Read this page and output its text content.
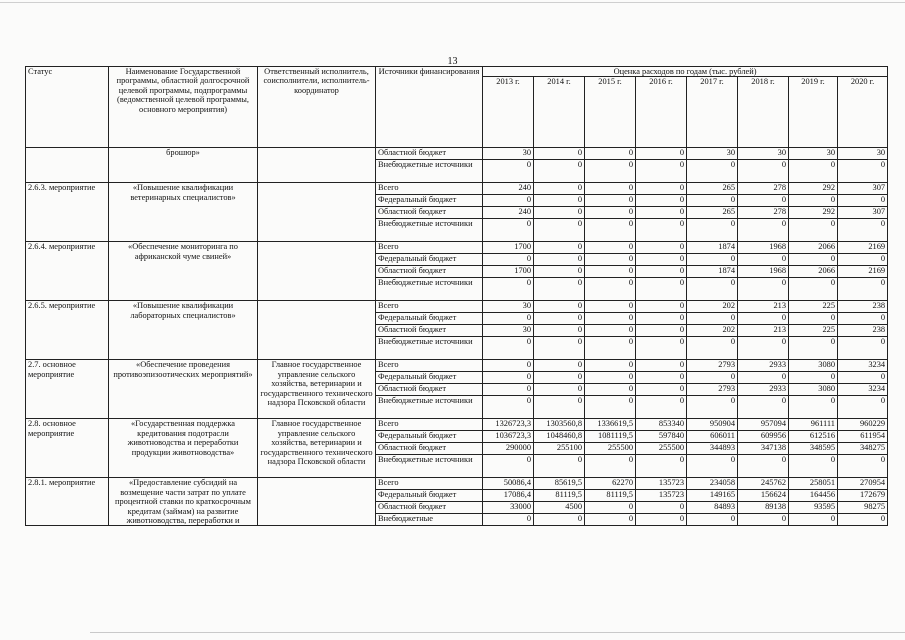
13
Статус	Наименование Государственной программы, областной долгосрочной целевой программы, подпрограммы (ведомственной целевой программы, основного мероприятия)	Ответственный исполнитель, соисполнители, исполнитель-координатор	Источники финансирования	Оценка расходов по годам (тыс. рублей)							
				2013 г.	2014 г.	2015 г.	2016 г.	2017 г.	2018 г.	2019 г.	2020 г.
	брошюр»		Областной бюджет	30	0	0	0	30	30	30	30
			Внебюджетные источники	0	0	0	0	0	0	0	0
2.6.3. мероприятие	«Повышение квалификации ветеринарных специалистов»		Всего	240	0	0	0	265	278	292	307
			Федеральный бюджет	0	0	0	0	0	0	0	0
			Областной бюджет	240	0	0	0	265	278	292	307
			Внебюджетные источники	0	0	0	0	0	0	0	0
2.6.4. мероприятие	«Обеспечение мониторинга по африканской чуме свиней»		Всего	1700	0	0	0	1874	1968	2066	2169
			Федеральный бюджет	0	0	0	0	0	0	0	0
			Областной бюджет	1700	0	0	0	1874	1968	2066	2169
			Внебюджетные источники	0	0	0	0	0	0	0	0
2.6.5. мероприятие	«Повышение квалификации лабораторных специалистов»		Всего	30	0	0	0	202	213	225	238
			Федеральный бюджет	0	0	0	0	0	0	0	0
			Областной бюджет	30	0	0	0	202	213	225	238
			Внебюджетные источники	0	0	0	0	0	0	0	0
2.7. основное мероприятие	«Обеспечение проведения противоэпизоотических мероприятий»	Главное государственное управление сельского хозяйства, ветеринарии и государственного технического надзора Псковской области	Всего	0	0	0	0	2793	2933	3080	3234
			Федеральный бюджет	0	0	0	0	0	0	0	0
			Областной бюджет	0	0	0	0	2793	2933	3080	3234
			Внебюджетные источники	0	0	0	0	0	0	0	0
2.8. основное мероприятие	«Государственная поддержка кредитования подотрасли животноводства и переработки продукции животноводства»	Главное государственное управление сельского хозяйства, ветеринарии и государственного технического надзора Псковской области	Всего	1326723,3	1303560,8	1336619,5	853340	950904	957094	961111	960229
			Федеральный бюджет	1036723,3	1048460,8	1081119,5	597840	606011	609956	612516	611954
			Областной бюджет	290000	255100	255500	255500	344893	347138	348595	348275
			Внебюджетные источники	0	0	0	0	0	0	0	0
2.8.1. мероприятие	«Предоставление субсидий на возмещение части затрат по уплате процентной ставки по краткосрочным кредитам (займам) на развитие животноводства, переработки и		Всего	50086,4	85619,5	62270	135723	234058	245762	258051	270954
			Федеральный бюджет	17086,4	81119,5	81119,5	135723	149165	156624	164456	172679
			Областной бюджет	33000	4500	0	0	84893	89138	93595	98275
			Внебюджетные	0	0	0	0	0	0	0	0
